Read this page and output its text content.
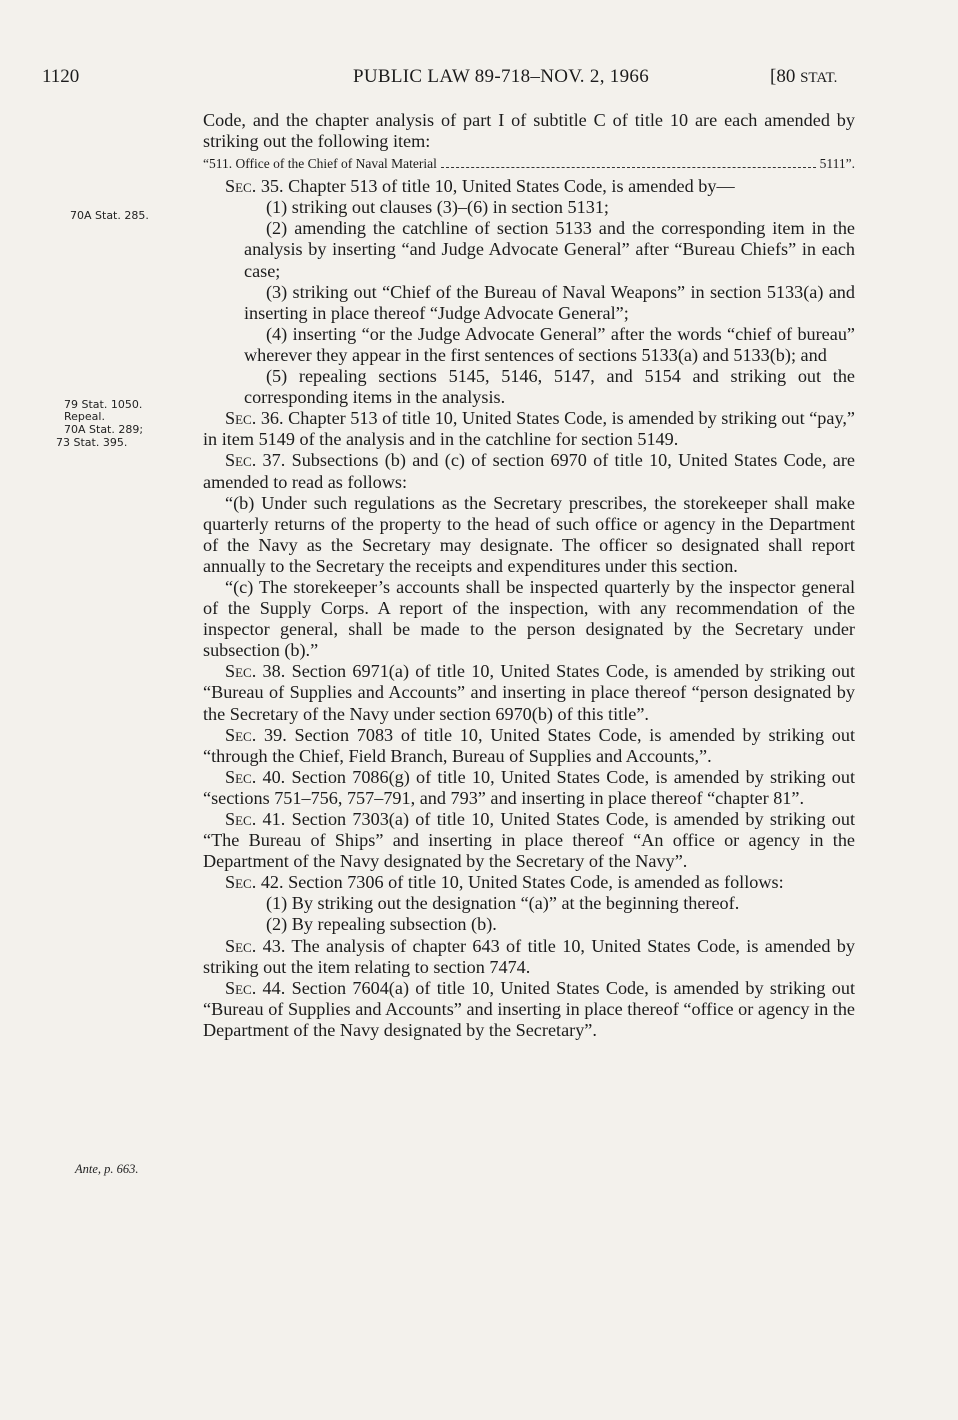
1120	PUBLIC LAW 89-718–NOV. 2, 1966	[80 STAT.
70A Stat. 285.
79 Stat. 1050.
Repeal.
70A Stat. 289;
73 Stat. 395.
Ante, p. 663.

Code, and the chapter analysis of part I of subtitle C of title 10 are each amended by striking out the following item:

“511. Office of the Chief of Naval Material	5111”.

Sec. 35. Chapter 513 of title 10, United States Code, is amended by—

(1) striking out clauses (3)–(6) in section 5131;

(2) amending the catchline of section 5133 and the corresponding item in the analysis by inserting “and Judge Advocate General” after “Bureau Chiefs” in each case;

(3) striking out “Chief of the Bureau of Naval Weapons” in section 5133(a) and inserting in place thereof “Judge Advocate General”;

(4) inserting “or the Judge Advocate General” after the words “chief of bureau” wherever they appear in the first sentences of sections 5133(a) and 5133(b); and

(5) repealing sections 5145, 5146, 5147, and 5154 and striking out the corresponding items in the analysis.

Sec. 36. Chapter 513 of title 10, United States Code, is amended by striking out “pay,” in item 5149 of the analysis and in the catchline for section 5149.

Sec. 37. Subsections (b) and (c) of section 6970 of title 10, United States Code, are amended to read as follows:

“(b) Under such regulations as the Secretary prescribes, the storekeeper shall make quarterly returns of the property to the head of such office or agency in the Department of the Navy as the Secretary may designate. The officer so designated shall report annually to the Secretary the receipts and expenditures under this section.

“(c) The storekeeper’s accounts shall be inspected quarterly by the inspector general of the Supply Corps. A report of the inspection, with any recommendation of the inspector general, shall be made to the person designated by the Secretary under subsection (b).”

Sec. 38. Section 6971(a) of title 10, United States Code, is amended by striking out “Bureau of Supplies and Accounts” and inserting in place thereof “person designated by the Secretary of the Navy under section 6970(b) of this title”.

Sec. 39. Section 7083 of title 10, United States Code, is amended by striking out “through the Chief, Field Branch, Bureau of Supplies and Accounts,”.

Sec. 40. Section 7086(g) of title 10, United States Code, is amended by striking out “sections 751–756, 757–791, and 793” and inserting in place thereof “chapter 81”.

Sec. 41. Section 7303(a) of title 10, United States Code, is amended by striking out “The Bureau of Ships” and inserting in place thereof “An office or agency in the Department of the Navy designated by the Secretary of the Navy”.

Sec. 42. Section 7306 of title 10, United States Code, is amended as follows:

(1) By striking out the designation “(a)” at the beginning thereof.

(2) By repealing subsection (b).

Sec. 43. The analysis of chapter 643 of title 10, United States Code, is amended by striking out the item relating to section 7474.

Sec. 44. Section 7604(a) of title 10, United States Code, is amended by striking out “Bureau of Supplies and Accounts” and inserting in place thereof “office or agency in the Department of the Navy designated by the Secretary”.
